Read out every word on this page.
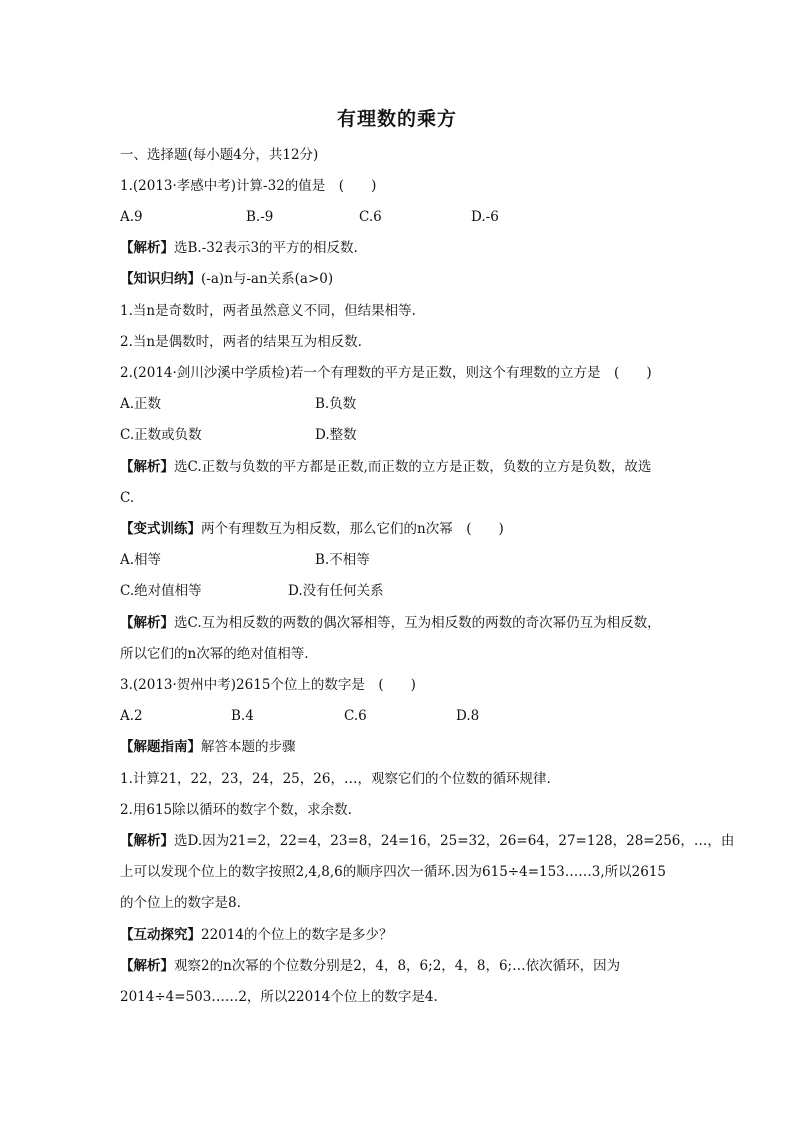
有理数的乘方
一、选择题(每小题4分，共12分)
1.(2013·孝感中考)计算-32的值是　(　　)
A.9	B.-9	C.6	D.-6
【解析】选B.-32表示3的平方的相反数.
【知识归纳】(-a)n与-an关系(a>0)
1.当n是奇数时，两者虽然意义不同，但结果相等.
2.当n是偶数时，两者的结果互为相反数.
2.(2014·剑川沙溪中学质检)若一个有理数的平方是正数，则这个有理数的立方是　(　　)
A.正数	B.负数
C.正数或负数	D.整数
【解析】选C.正数与负数的平方都是正数,而正数的立方是正数，负数的立方是负数，故选
C.
【变式训练】两个有理数互为相反数，那么它们的n次幂　(　　)
A.相等	B.不相等
C.绝对值相等	D.没有任何关系
【解析】选C.互为相反数的两数的偶次幂相等，互为相反数的两数的奇次幂仍互为相反数，
所以它们的n次幂的绝对值相等.
3.(2013·贺州中考)2615个位上的数字是　(　　)
A.2	B.4	C.6	D.8
【解题指南】解答本题的步骤
1.计算21，22，23，24，25，26，…，观察它们的个位数的循环规律.
2.用615除以循环的数字个数，求余数.
【解析】选D.因为21=2，22=4，23=8，24=16，25=32，26=64，27=128，28=256，…，由
上可以发现个位上的数字按照2,4,8,6的顺序四次一循环.因为615÷4=153……3,所以2615
的个位上的数字是8.
【互动探究】22014的个位上的数字是多少？
【解析】观察2的n次幂的个位数分别是2，4，8，6;2，4，8，6;…依次循环，因为
2014÷4=503……2，所以22014个位上的数字是4.
